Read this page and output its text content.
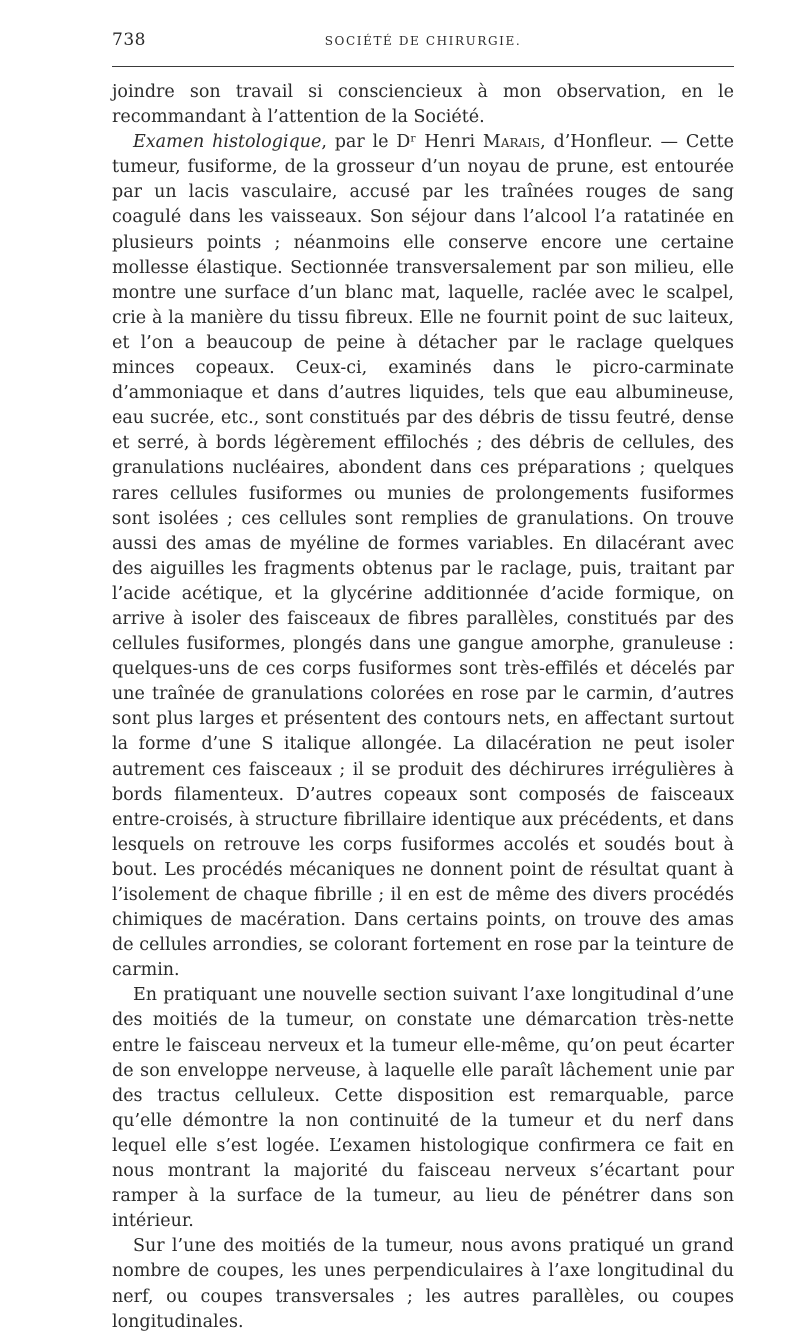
738	SOCIÉTÉ DE CHIRURGIE.

joindre son travail si consciencieux à mon observation, en le recommandant à l’attention de la Société.

Examen histologique, par le Dʳ Henri Marais, d’Honfleur. — Cette tumeur, fusiforme, de la grosseur d’un noyau de prune, est entourée par un lacis vasculaire, accusé par les traînées rouges de sang coagulé dans les vaisseaux. Son séjour dans l’alcool l’a ratatinée en plusieurs points ; néanmoins elle conserve encore une certaine mollesse élastique. Sectionnée transversalement par son milieu, elle montre une surface d’un blanc mat, laquelle, raclée avec le scalpel, crie à la manière du tissu fibreux. Elle ne fournit point de suc laiteux, et l’on a beaucoup de peine à détacher par le raclage quelques minces copeaux. Ceux-ci, examinés dans le picro-carminate d’ammoniaque et dans d’autres liquides, tels que eau albumineuse, eau sucrée, etc., sont constitués par des débris de tissu feutré, dense et serré, à bords légèrement effilochés ; des débris de cellules, des granulations nucléaires, abondent dans ces préparations ; quelques rares cellules fusiformes ou munies de prolongements fusiformes sont isolées ; ces cellules sont remplies de granulations. On trouve aussi des amas de myéline de formes variables. En dilacérant avec des aiguilles les fragments obtenus par le raclage, puis, traitant par l’acide acétique, et la glycérine additionnée d’acide formique, on arrive à isoler des faisceaux de fibres parallèles, constitués par des cellules fusiformes, plongés dans une gangue amorphe, granuleuse : quelques-uns de ces corps fusiformes sont très-effilés et décelés par une traînée de granulations colorées en rose par le carmin, d’autres sont plus larges et présentent des contours nets, en affectant surtout la forme d’une S italique allongée. La dilacération ne peut isoler autrement ces faisceaux ; il se produit des déchirures irrégulières à bords filamenteux. D’autres copeaux sont composés de faisceaux entre-croisés, à structure fibrillaire identique aux précédents, et dans lesquels on retrouve les corps fusiformes accolés et soudés bout à bout. Les procédés mécaniques ne donnent point de résultat quant à l’isolement de chaque fibrille ; il en est de même des divers procédés chimiques de macération. Dans certains points, on trouve des amas de cellules arrondies, se colorant fortement en rose par la teinture de carmin.

En pratiquant une nouvelle section suivant l’axe longitudinal d’une des moitiés de la tumeur, on constate une démarcation très-nette entre le faisceau nerveux et la tumeur elle-même, qu’on peut écarter de son enveloppe nerveuse, à laquelle elle paraît lâchement unie par des tractus celluleux. Cette disposition est remarquable, parce qu’elle démontre la non continuité de la tumeur et du nerf dans lequel elle s’est logée. L’examen histologique confirmera ce fait en nous montrant la majorité du faisceau nerveux s’écartant pour ramper à la surface de la tumeur, au lieu de pénétrer dans son intérieur.

Sur l’une des moitiés de la tumeur, nous avons pratiqué un grand nombre de coupes, les unes perpendiculaires à l’axe longitudinal du nerf, ou coupes transversales ; les autres parallèles, ou coupes longitudinales.
